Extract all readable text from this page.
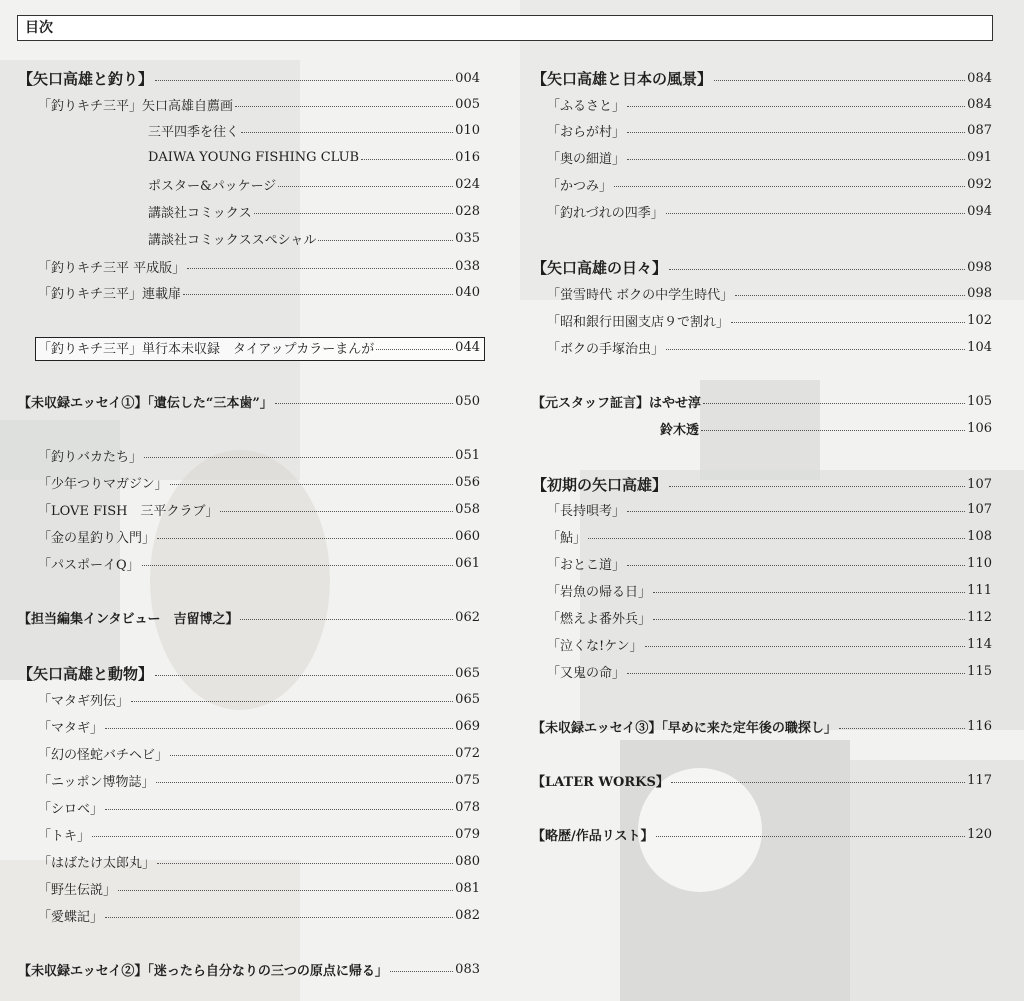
目次
【矢口高雄と釣り】	004
「釣りキチ三平」矢口高雄自薦画	005
三平四季を往く	010
DAIWA YOUNG FISHING CLUB	016
ポスター&パッケージ	024
講談社コミックス	028
講談社コミックススペシャル	035
「釣りキチ三平 平成版」	038
「釣りキチ三平」連載扉	040
「釣りキチ三平」単行本未収録　タイアップカラーまんが	044
【未収録エッセイ①】「遺伝した“三本歯”」	050
「釣りバカたち」	051
「少年つりマガジン」	056
「LOVE FISH　三平クラブ」	058
「金の星釣り入門」	060
「パスポーイQ」	061
【担当編集インタビュー　吉留博之】	062
【矢口高雄と動物】	065
「マタギ列伝」	065
「マタギ」	069
「幻の怪蛇バチヘビ」	072
「ニッポン博物誌」	075
「シロベ」	078
「トキ」	079
「はばたけ太郎丸」	080
「野生伝説」	081
「愛蝶記」	082
【未収録エッセイ②】「迷ったら自分なりの三つの原点に帰る」	083
【矢口高雄と日本の風景】	084
「ふるさと」	084
「おらが村」	087
「奥の細道」	091
「かつみ」	092
「釣れづれの四季」	094
【矢口高雄の日々】	098
「蛍雪時代 ボクの中学生時代」	098
「昭和銀行田園支店９で割れ」	102
「ボクの手塚治虫」	104
【元スタッフ証言】はやせ淳	105
鈴木透	106
【初期の矢口高雄】	107
「長持唄考」	107
「鮎」	108
「おとこ道」	110
「岩魚の帰る日」	111
「燃えよ番外兵」	112
「泣くな!ケン」	114
「又鬼の命」	115
【未収録エッセイ③】「早めに来た定年後の職探し」	116
【LATER WORKS】	117
【略歴/作品リスト】	120
